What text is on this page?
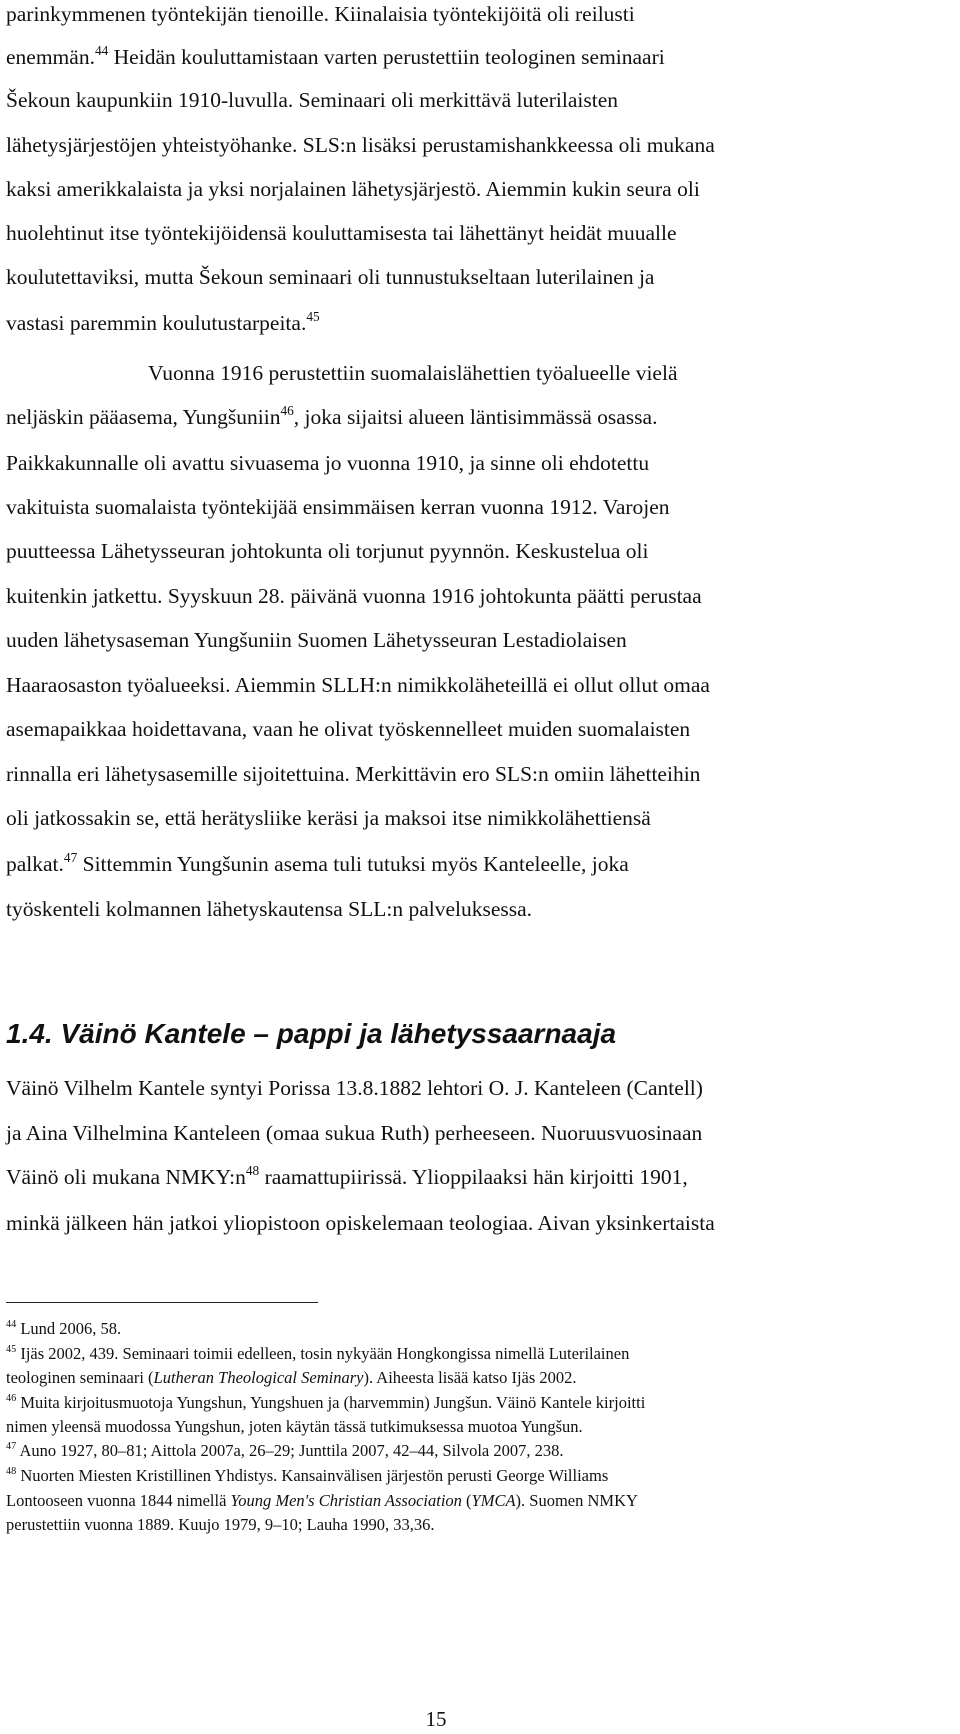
parinkymmenen työntekijän tienoille. Kiinalaisia työntekijöitä oli reilusti
enemmän.$^{44}$ Heidän kouluttamistaan varten perustettiin teologinen seminaari
Šekoun kaupunkiin 1910-luvulla. Seminaari oli merkittävä luterilaisten
lähetysjärjestöjen yhteistyöhanke. SLS:n lisäksi perustamishankkeessa oli mukana
kaksi amerikkalaista ja yksi norjalainen lähetysjärjestö. Aiemmin kukin seura oli
huolehtinut itse työntekijöidensä kouluttamisesta tai lähettänyt heidät muualle
koulutettaviksi, mutta Šekoun seminaari oli tunnustukseltaan luterilainen ja
vastasi paremmin koulutustarpeita.$^{45}$
Vuonna 1916 perustettiin suomalaislähettien työalueelle vielä
neljäskin pääasema, Yungšuniin$^{46}$, joka sijaitsi alueen läntisimmässä osassa.
Paikkakunnalle oli avattu sivuasema jo vuonna 1910, ja sinne oli ehdotettu
vakituista suomalaista työntekijää ensimmäisen kerran vuonna 1912. Varojen
puutteessa Lähetysseuran johtokunta oli torjunut pyynnön. Keskustelua oli
kuitenkin jatkettu. Syyskuun 28. päivänä vuonna 1916 johtokunta päätti perustaa
uuden lähetysaseman Yungšuniin Suomen Lähetysseuran Lestadiolaisen
Haaraosaston työalueeksi. Aiemmin SLLH:n nimikkoläheteillä ei ollut ollut omaa
asemapaikkaa hoidettavana, vaan he olivat työskennelleet muiden suomalaisten
rinnalla eri lähetysasemille sijoitettuina. Merkittävin ero SLS:n omiin lähetteihin
oli jatkossakin se, että herätysliike keräsi ja maksoi itse nimikkolähettiensä
palkat.$^{47}$ Sittemmin Yungšunin asema tuli tutuksi myös Kanteleelle, joka
työskenteli kolmannen lähetyskautensa SLL:n palveluksessa.
1.4. Väinö Kantele – pappi ja lähetyssaarnaaja
Väinö Vilhelm Kantele syntyi Porissa 13.8.1882 lehtori O. J. Kanteleen (Cantell)
ja Aina Vilhelmina Kanteleen (omaa sukua Ruth) perheeseen. Nuoruusvuosinaan
Väinö oli mukana $NMKY:n^{48}$ raamattupiirissä. Ylioppilaaksi hän kirjoitti 1901,
minkä jälkeen hän jatkoi yliopistoon opiskelemaan teologiaa. Aivan yksinkertaista
$^{44}$ Lund 2006, 58.
$^{45}$ Ijäs 2002, 439. Seminaari toimii edelleen, tosin nykyään Hongkongissa nimellä Luterilainen
teologinen seminaari (Lutheran Theological Seminary). Aiheesta lisää katso Ijäs 2002.
$^{46}$ Muita kirjoitusmuotoja Yungshun, Yungshuen ja (harvemmin) Jungšun. Väinö Kantele kirjoitti
nimen yleensä muodossa Yungshun, joten käytän tässä tutkimuksessa muotoa Yungšun.
$^{47}$ Auno 1927, 80–81; Aittola 2007a, 26–29; Junttila 2007, 42–44, Silvola 2007, 238.
$^{48}$ Nuorten Miesten Kristillinen Yhdistys. Kansainvälisen järjestön perusti George Williams
Lontooseen vuonna 1844 nimellä Young Men's Christian Association (YMCA). Suomen NMKY
perustettiin vuonna 1889. Kuujo 1979, 9–10; Lauha 1990, 33,36.
15
